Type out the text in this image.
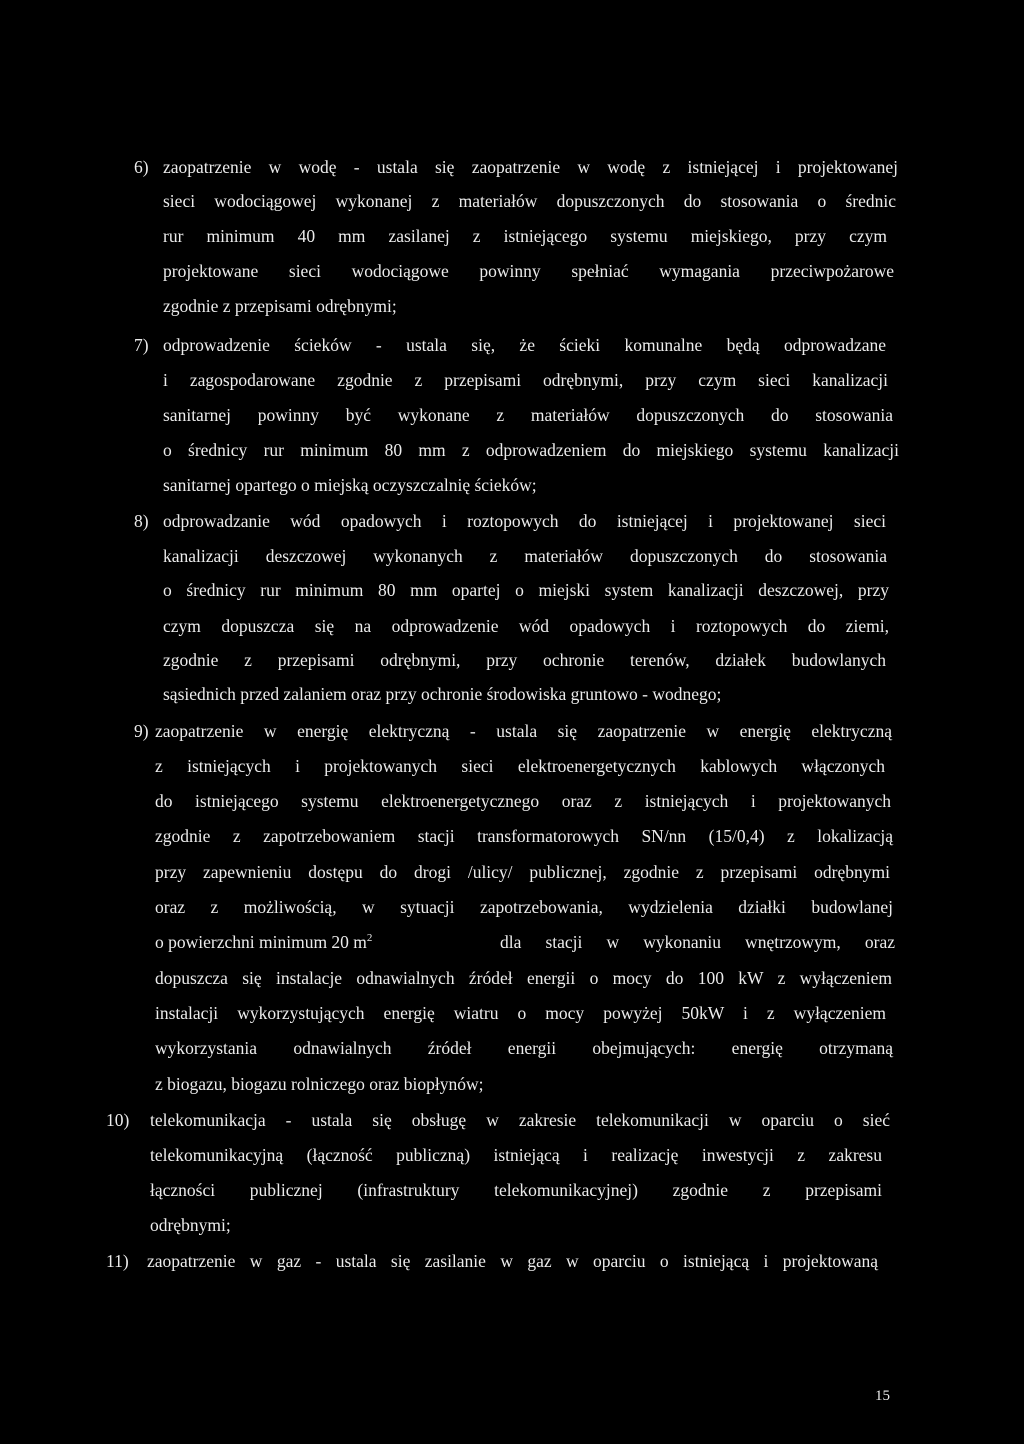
6) zaopatrzenie w wodę - ustala się zaopatrzenie w wodę z istniejącej i projektowanej
sieci wodociągowej wykonanej z materiałów dopuszczonych do stosowania o średnic
rur minimum 40 mm zasilanej z istniejącego systemu miejskiego, przy czym
projektowane sieci wodociągowe powinny spełniać wymagania przeciwpożarowe
zgodnie z przepisami odrębnymi;
7) odprowadzenie ścieków - ustala się, że ścieki komunalne będą odprowadzane
i zagospodarowane zgodnie z przepisami odrębnymi, przy czym sieci kanalizacji
sanitarnej powinny być wykonane z materiałów dopuszczonych do stosowania
o średnicy rur minimum 80 mm z odprowadzeniem do miejskiego systemu kanalizacji
sanitarnej opartego o miejską oczyszczalnię ścieków;
8) odprowadzanie wód opadowych i roztopowych do istniejącej i projektowanej sieci
kanalizacji deszczowej wykonanych z materiałów dopuszczonych do stosowania
o średnicy rur minimum 80 mm opartej o miejski system kanalizacji deszczowej, przy
czym dopuszcza się na odprowadzenie wód opadowych i roztopowych do ziemi,
zgodnie z przepisami odrębnymi, przy ochronie terenów, działek budowlanych
sąsiednich przed zalaniem oraz przy ochronie środowiska gruntowo - wodnego;
9) zaopatrzenie w energię elektryczną - ustala się zaopatrzenie w energię elektryczną
z istniejących i projektowanych sieci elektroenergetycznych kablowych włączonych
do istniejącego systemu elektroenergetycznego oraz z istniejących i projektowanych
zgodnie z zapotrzebowaniem stacji transformatorowych SN/nn (15/0,4) z lokalizacją
przy zapewnieniu dostępu do drogi /ulicy/ publicznej, zgodnie z przepisami odrębnymi
oraz z możliwością, w sytuacji zapotrzebowania, wydzielenia działki budowlanej
o powierzchni minimum 20 $m^2$	dla stacji w wykonaniu wnętrzowym, oraz
dopuszcza się instalacje odnawialnych źródeł energii o mocy do 100 kW z wyłączeniem
instalacji wykorzystujących energię wiatru o mocy powyżej 50kW i z wyłączeniem
wykorzystania odnawialnych źródeł energii obejmujących: energię otrzymaną
z biogazu, biogazu rolniczego oraz biopłynów;
10) telekomunikacja - ustala się obsługę w zakresie telekomunikacji w oparciu o sieć
telekomunikacyjną (łączność publiczną) istniejącą i realizację inwestycji z zakresu
łączności publicznej (infrastruktury telekomunikacyjnej) zgodnie z przepisami
odrębnymi;
11) zaopatrzenie w gaz - ustala się zasilanie w gaz w oparciu o istniejącą i projektowaną
15
